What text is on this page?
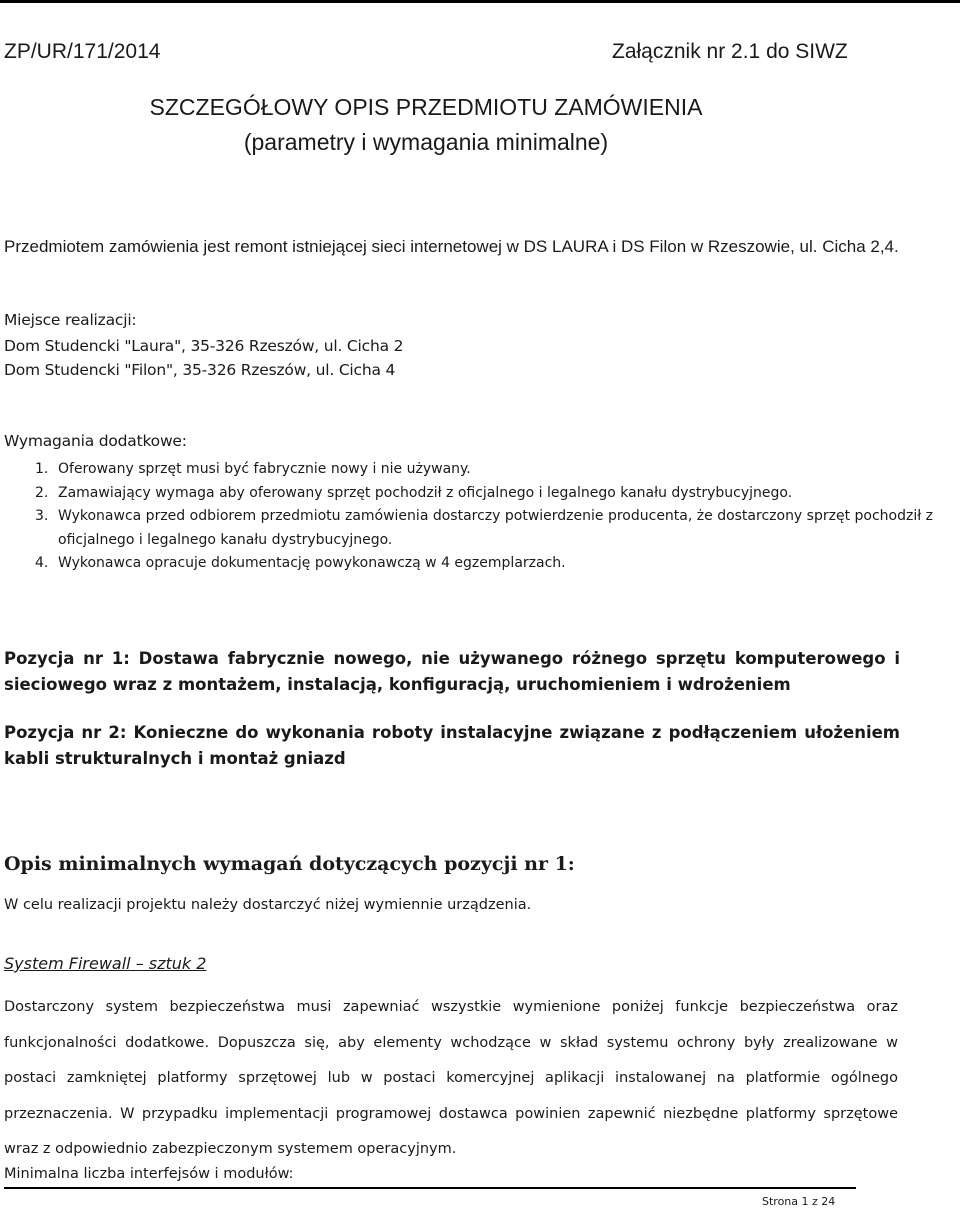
ZP/UR/171/2014	Załącznik nr 2.1 do SIWZ
SZCZEGÓŁOWY OPIS PRZEDMIOTU ZAMÓWIENIA
(parametry i wymagania minimalne)
Przedmiotem zamówienia jest remont istniejącej sieci internetowej w DS LAURA i DS Filon w Rzeszowie, ul. Cicha 2,4.
Miejsce realizacji:
Dom Studencki "Laura", 35-326 Rzeszów, ul. Cicha 2
Dom Studencki "Filon", 35-326 Rzeszów, ul. Cicha 4
Wymagania dodatkowe:
1. Oferowany sprzęt musi być fabrycznie nowy i nie używany.
2. Zamawiający wymaga aby oferowany sprzęt pochodził z oficjalnego i legalnego kanału dystrybucyjnego.
3. Wykonawca przed odbiorem przedmiotu zamówienia dostarczy potwierdzenie producenta, że dostarczony sprzęt pochodził z oficjalnego i legalnego kanału dystrybucyjnego.
4. Wykonawca opracuje dokumentację powykonawczą w 4 egzemplarzach.
Pozycja nr 1: Dostawa fabrycznie nowego, nie używanego różnego sprzętu komputerowego i sieciowego wraz z montażem, instalacją, konfiguracją, uruchomieniem i wdrożeniem
Pozycja nr 2: Konieczne do wykonania roboty instalacyjne związane z podłączeniem ułożeniem kabli strukturalnych i montaż gniazd
Opis minimalnych wymagań dotyczących pozycji nr 1:
W celu realizacji projektu należy dostarczyć niżej wymiennie urządzenia.
System Firewall – sztuk 2
Dostarczony system bezpieczeństwa musi zapewniać wszystkie wymienione poniżej funkcje bezpieczeństwa oraz funkcjonalności dodatkowe. Dopuszcza się, aby elementy wchodzące w skład systemu ochrony były zrealizowane w postaci zamkniętej platformy sprzętowej lub w postaci komercyjnej aplikacji instalowanej na platformie ogólnego przeznaczenia. W przypadku implementacji programowej dostawca powinien zapewnić niezbędne platformy sprzętowe wraz z odpowiednio zabezpieczonym systemem operacyjnym.
Minimalna liczba interfejsów i modułów:
Strona 1 z 24
